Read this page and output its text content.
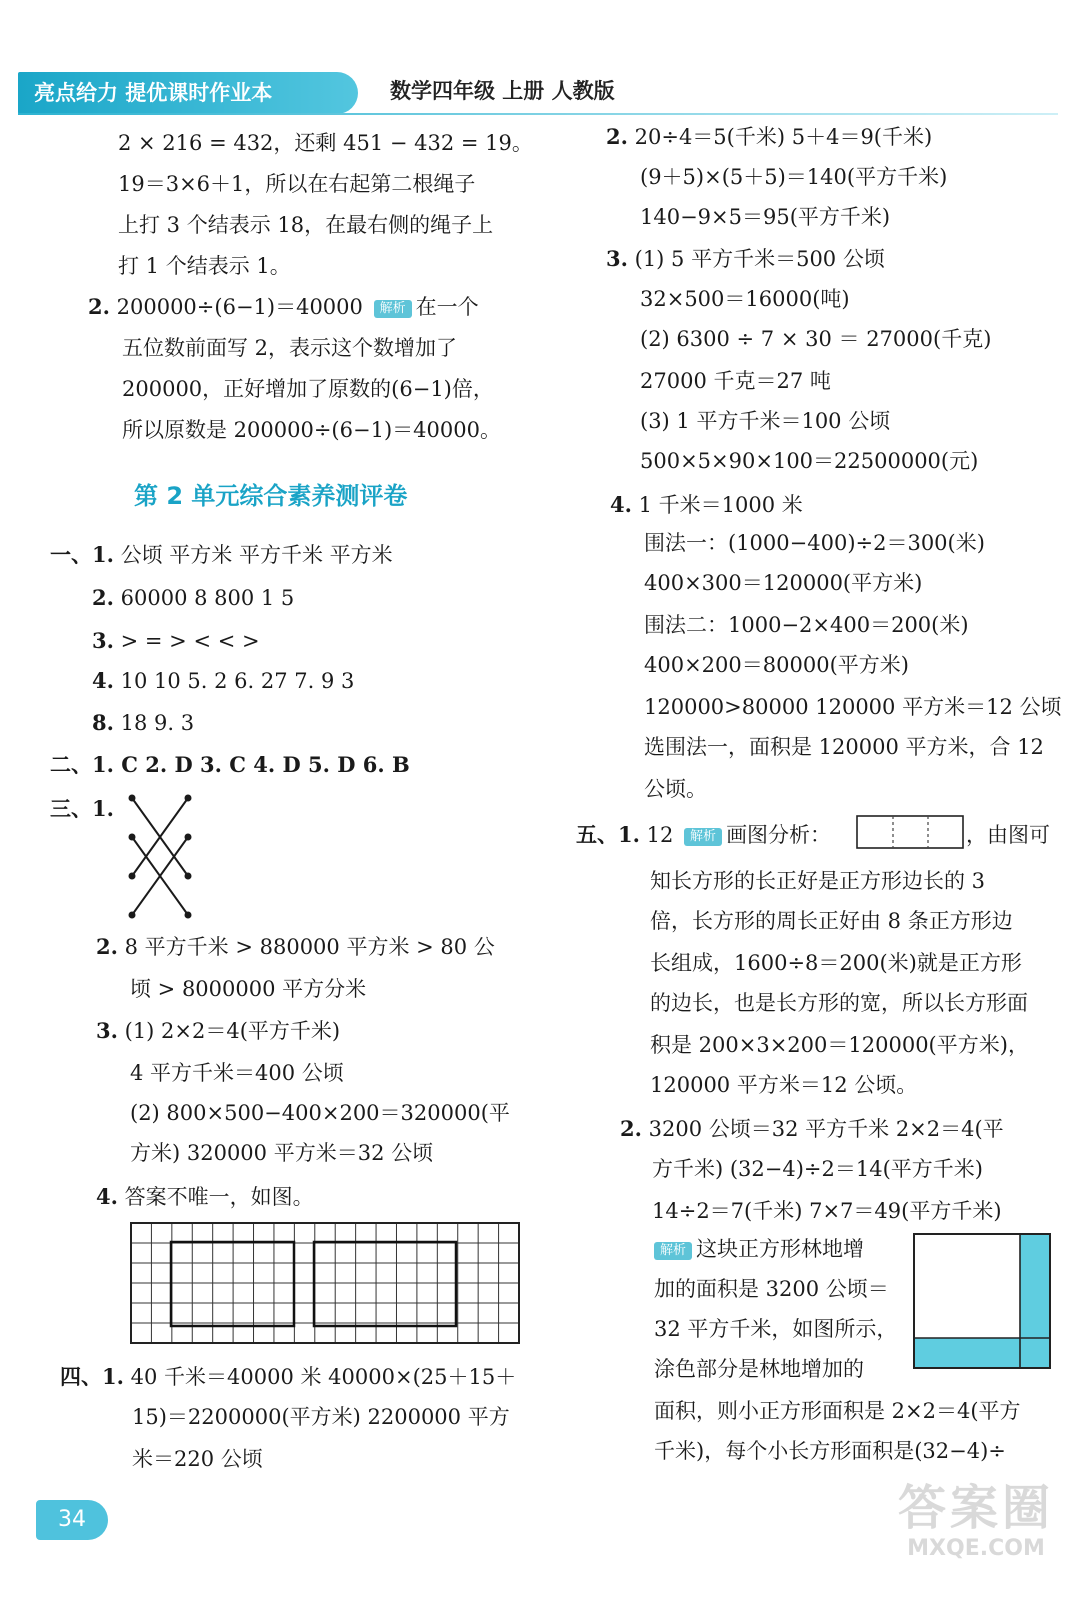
亮点给力 提优课时作业本	数学四年级 上册 人教版
2 × 216 = 432，还剩 451 − 432 = 19。
19＝3×6＋1，所以在右起第二根绳子
上打 3 个结表示 18，在最右侧的绳子上
打 1 个结表示 1。
2. 200000÷(6−1)＝40000 解析 在一个
五位数前面写 2，表示这个数增加了
200000，正好增加了原数的(6−1)倍，
所以原数是 200000÷(6−1)＝40000。
第 2 单元综合素养测评卷
一、1. 公顷 平方米 平方千米 平方米
2. 60000 8 800 1 5
3. > = > < < >
4. 10 10 5. 2 6. 27 7. 9 3
8. 18 9. 3
二、1. C 2. D 3. C 4. D 5. D 6. B
三、1.
2. 8 平方千米 > 880000 平方米 > 80 公
顷 > 8000000 平方分米
3. (1) 2×2＝4(平方千米)
4 平方千米＝400 公顷
(2) 800×500−400×200＝320000(平
方米) 320000 平方米＝32 公顷
4. 答案不唯一，如图。
四、1. 40 千米＝40000 米 40000×(25＋15＋
15)＝2200000(平方米) 2200000 平方
米＝220 公顷
2. 20÷4＝5(千米) 5＋4＝9(千米)
(9＋5)×(5＋5)＝140(平方千米)
140−9×5＝95(平方千米)
3. (1) 5 平方千米＝500 公顷
32×500＝16000(吨)
(2) 6300 ÷ 7 × 30 ＝ 27000(千克)
27000 千克＝27 吨
(3) 1 平方千米＝100 公顷
500×5×90×100＝22500000(元)
4. 1 千米＝1000 米
围法一：(1000−400)÷2＝300(米)
400×300＝120000(平方米)
围法二：1000−2×400＝200(米)
400×200＝80000(平方米)
120000>80000 120000 平方米＝12 公顷
选围法一，面积是 120000 平方米，合 12
公顷。
五、1. 12 解析 画图分析：	，由图可
知长方形的长正好是正方形边长的 3
倍，长方形的周长正好由 8 条正方形边
长组成，1600÷8＝200(米)就是正方形
的边长，也是长方形的宽，所以长方形面
积是 200×3×200＝120000(平方米)，
120000 平方米＝12 公顷。
2. 3200 公顷＝32 平方千米 2×2＝4(平
方千米) (32−4)÷2＝14(平方千米)
14÷2＝7(千米) 7×7＝49(平方千米)
解析 这块正方形林地增
加的面积是 3200 公顷＝
32 平方千米，如图所示，
涂色部分是林地增加的
面积，则小正方形面积是 2×2＝4(平方
千米)，每个小长方形面积是(32−4)÷
34	答案圈
MXQE.COM
